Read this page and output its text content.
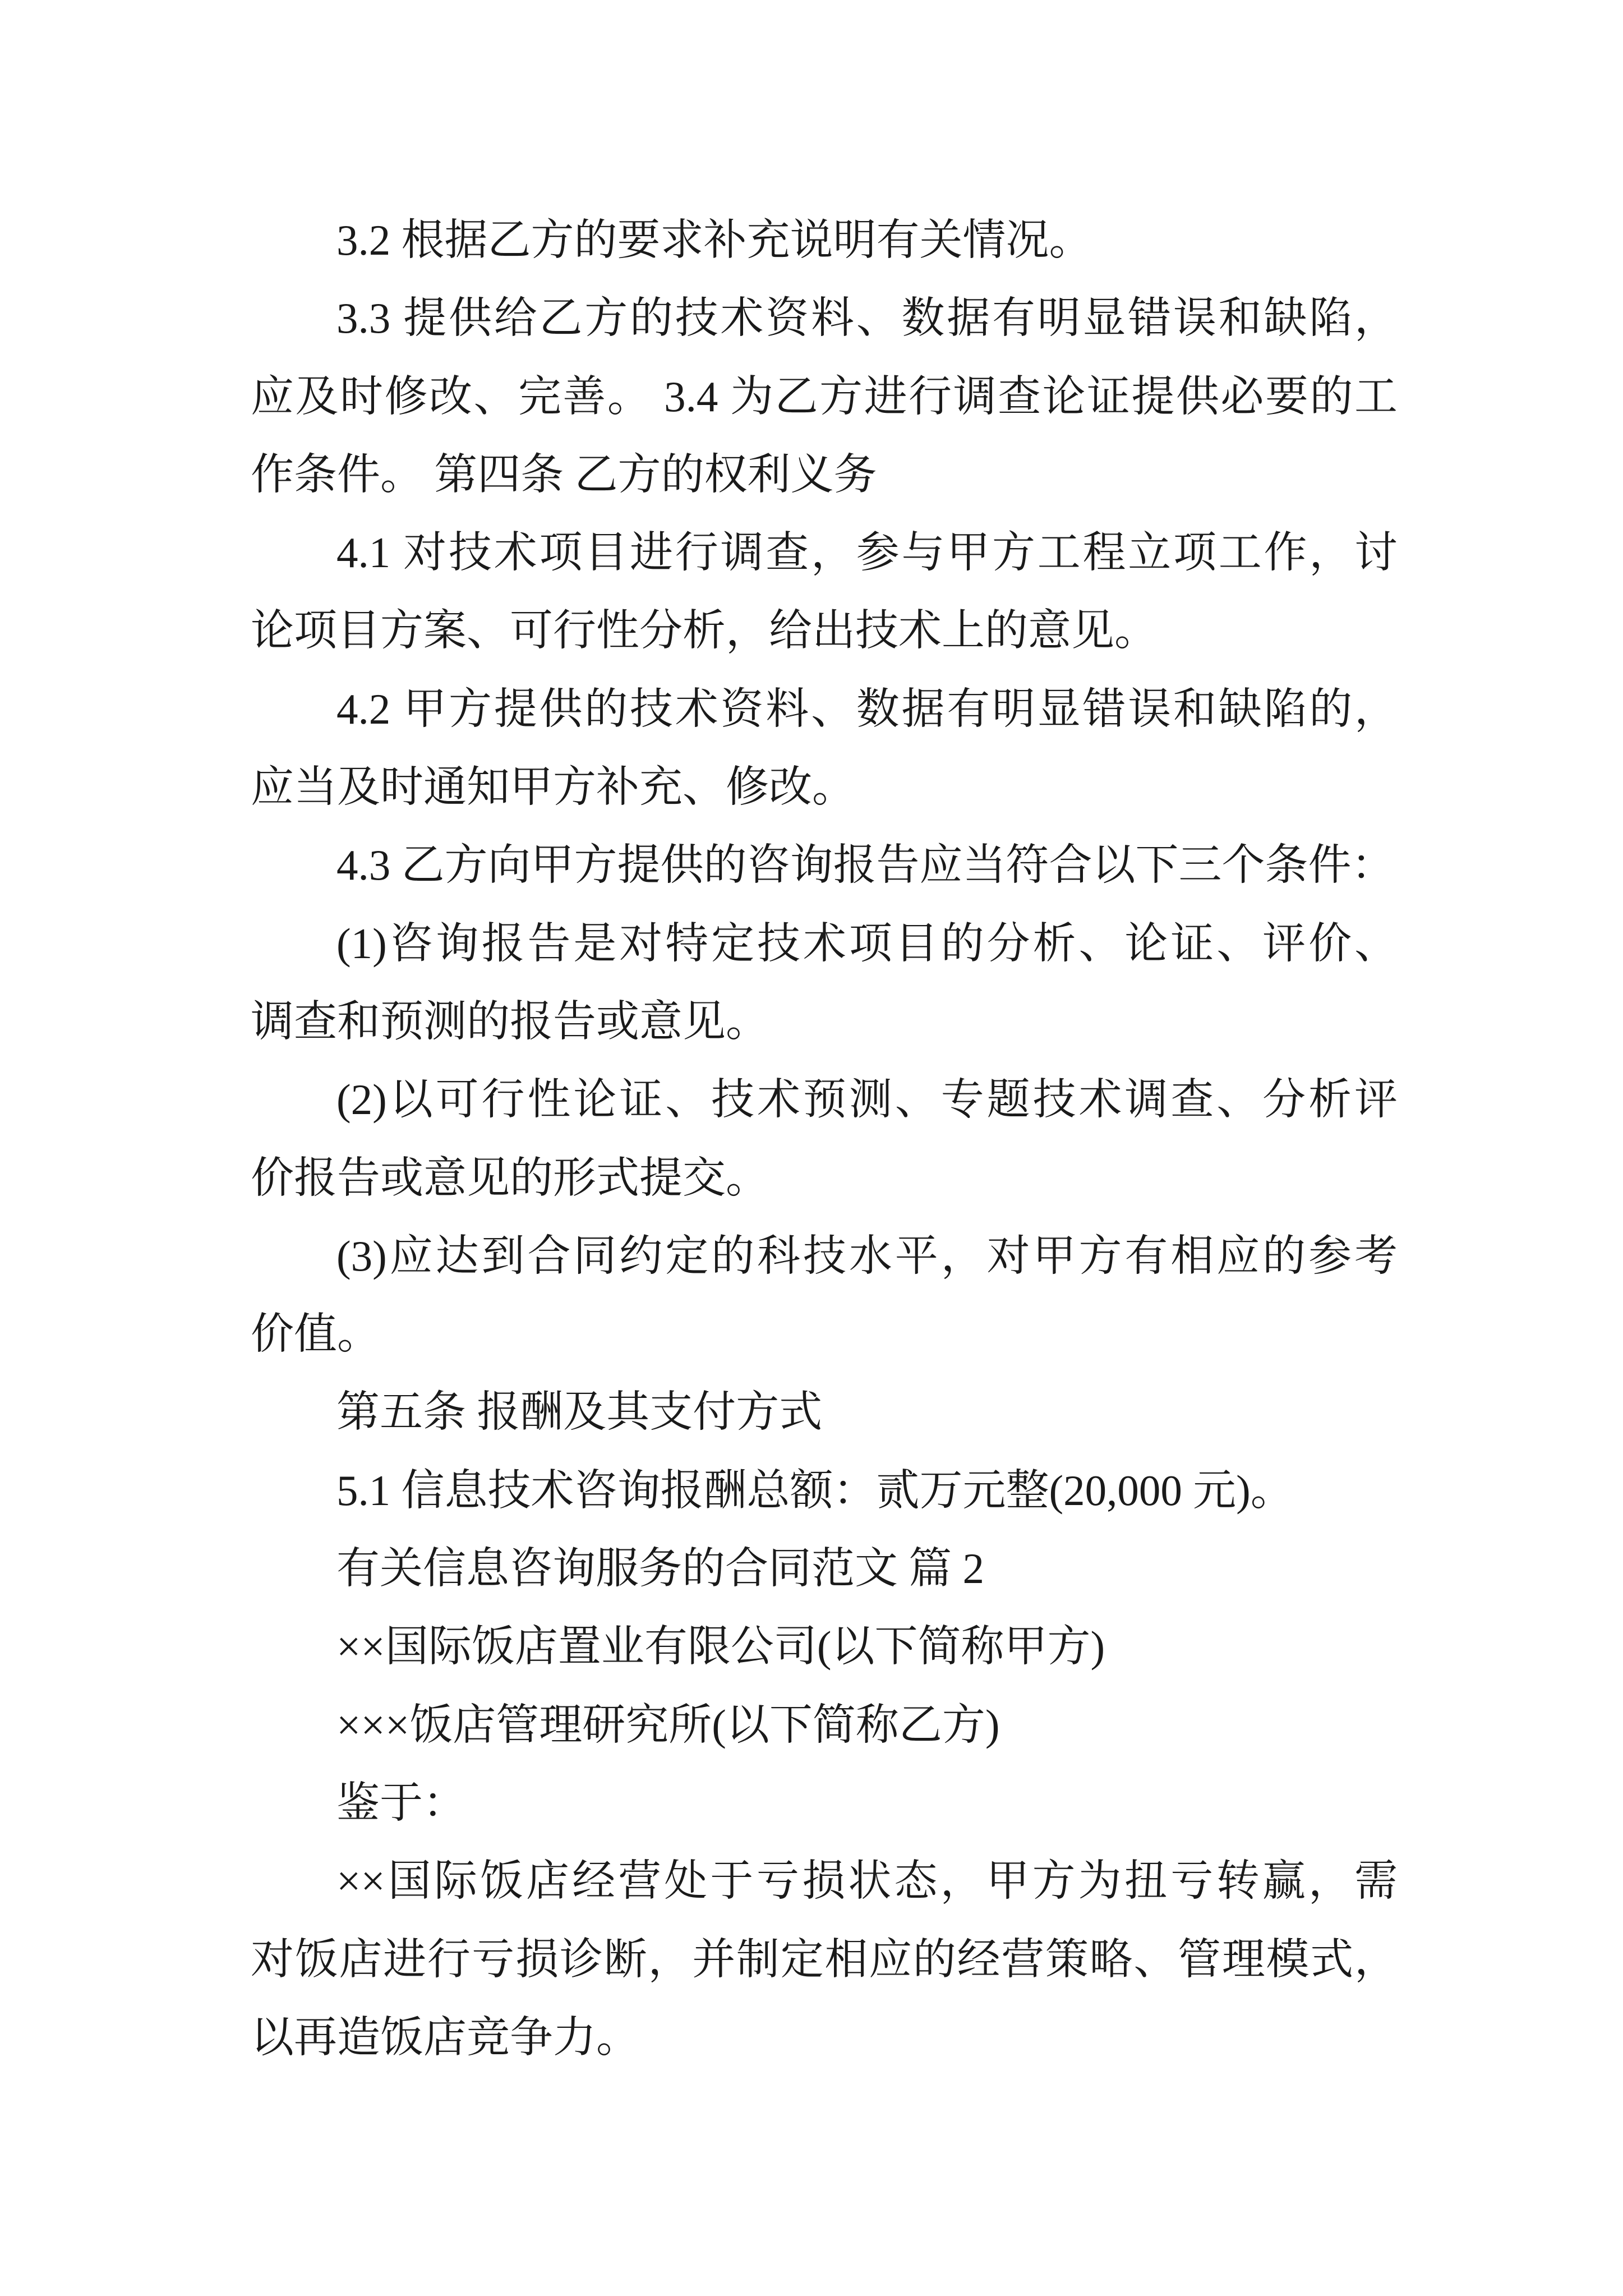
3.2 根据乙方的要求补充说明有关情况。
3.3 提供给乙方的技术资料、数据有明显错误和缺陷，
应及时修改、完善。 3.4 为乙方进行调查论证提供必要的工
作条件。 第四条 乙方的权利义务
4.1 对技术项目进行调查，参与甲方工程立项工作，讨
论项目方案、可行性分析，给出技术上的意见。
4.2 甲方提供的技术资料、数据有明显错误和缺陷的，
应当及时通知甲方补充、修改。
4.3 乙方向甲方提供的咨询报告应当符合以下三个条件：
(1)咨询报告是对特定技术项目的分析、论证、评价、
调查和预测的报告或意见。
(2)以可行性论证、技术预测、专题技术调查、分析评
价报告或意见的形式提交。
(3)应达到合同约定的科技水平，对甲方有相应的参考
价值。
第五条 报酬及其支付方式
5.1 信息技术咨询报酬总额：贰万元整(20,000 元)。
有关信息咨询服务的合同范文 篇 2
××国际饭店置业有限公司(以下简称甲方)
×××饭店管理研究所(以下简称乙方)
鉴于：
××国际饭店经营处于亏损状态，甲方为扭亏转赢，需
对饭店进行亏损诊断，并制定相应的经营策略、管理模式，
以再造饭店竞争力。
